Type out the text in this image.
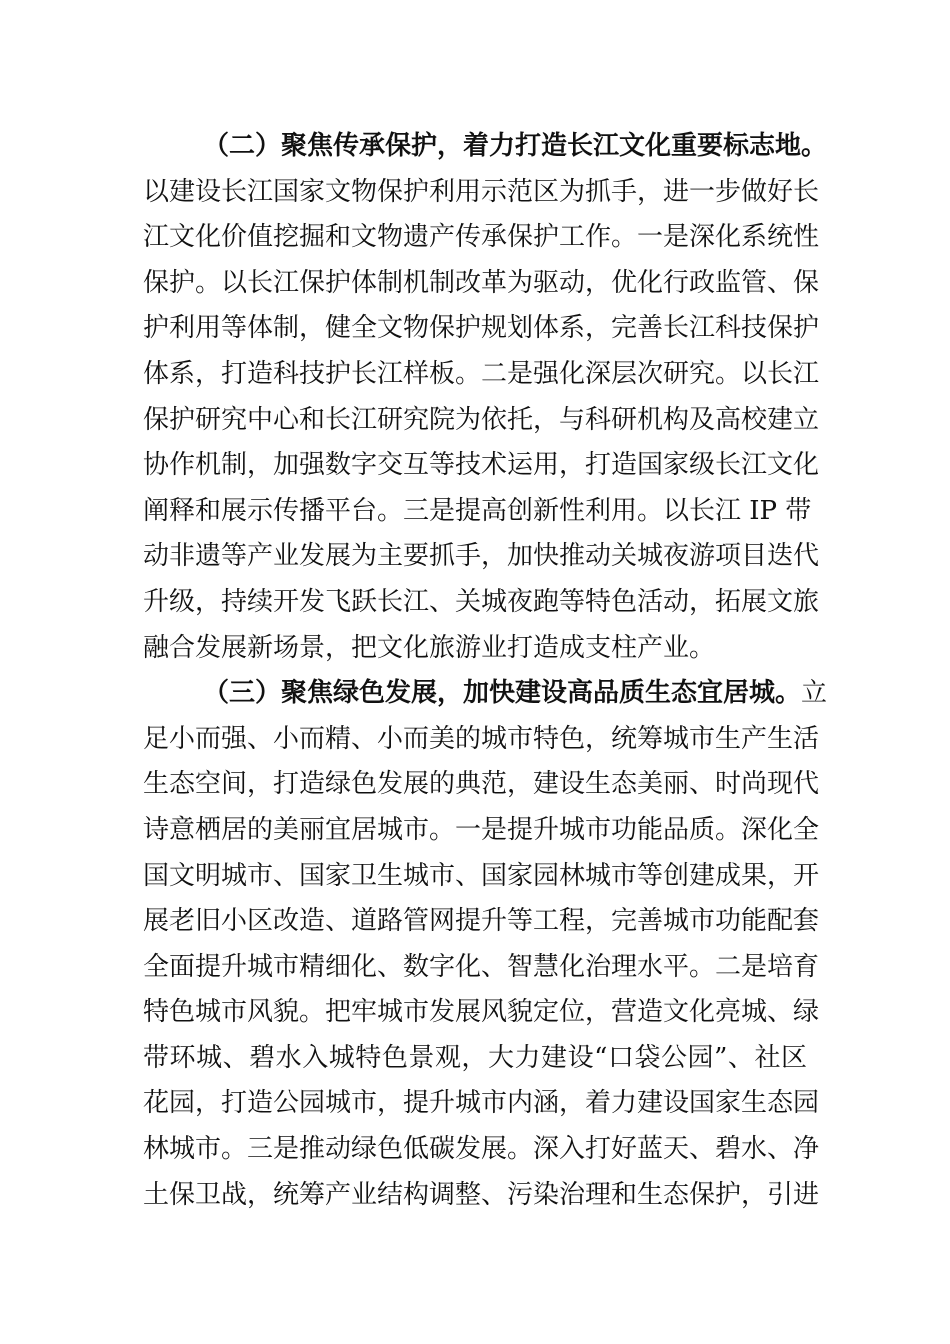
（二）聚焦传承保护，着力打造长江文化重要标志地。
以建设长江国家文物保护利用示范区为抓手，进一步做好长
江文化价值挖掘和文物遗产传承保护工作。一是深化系统性
保护。以长江保护体制机制改革为驱动，优化行政监管、保
护利用等体制，健全文物保护规划体系，完善长江科技保护
体系，打造科技护长江样板。二是强化深层次研究。以长江
保护研究中心和长江研究院为依托，与科研机构及高校建立
协作机制，加强数字交互等技术运用，打造国家级长江文化
阐释和展示传播平台。三是提高创新性利用。以长江 IP 带
动非遗等产业发展为主要抓手，加快推动关城夜游项目迭代
升级，持续开发飞跃长江、关城夜跑等特色活动，拓展文旅
融合发展新场景，把文化旅游业打造成支柱产业。
（三）聚焦绿色发展，加快建设高品质生态宜居城。立
足小而强、小而精、小而美的城市特色，统筹城市生产生活
生态空间，打造绿色发展的典范，建设生态美丽、时尚现代
诗意栖居的美丽宜居城市。一是提升城市功能品质。深化全
国文明城市、国家卫生城市、国家园林城市等创建成果，开
展老旧小区改造、道路管网提升等工程，完善城市功能配套
全面提升城市精细化、数字化、智慧化治理水平。二是培育
特色城市风貌。把牢城市发展风貌定位，营造文化亮城、绿
带环城、碧水入城特色景观，大力建设“口袋公园”、社区
花园，打造公园城市，提升城市内涵，着力建设国家生态园
林城市。三是推动绿色低碳发展。深入打好蓝天、碧水、净
土保卫战，统筹产业结构调整、污染治理和生态保护，引进
